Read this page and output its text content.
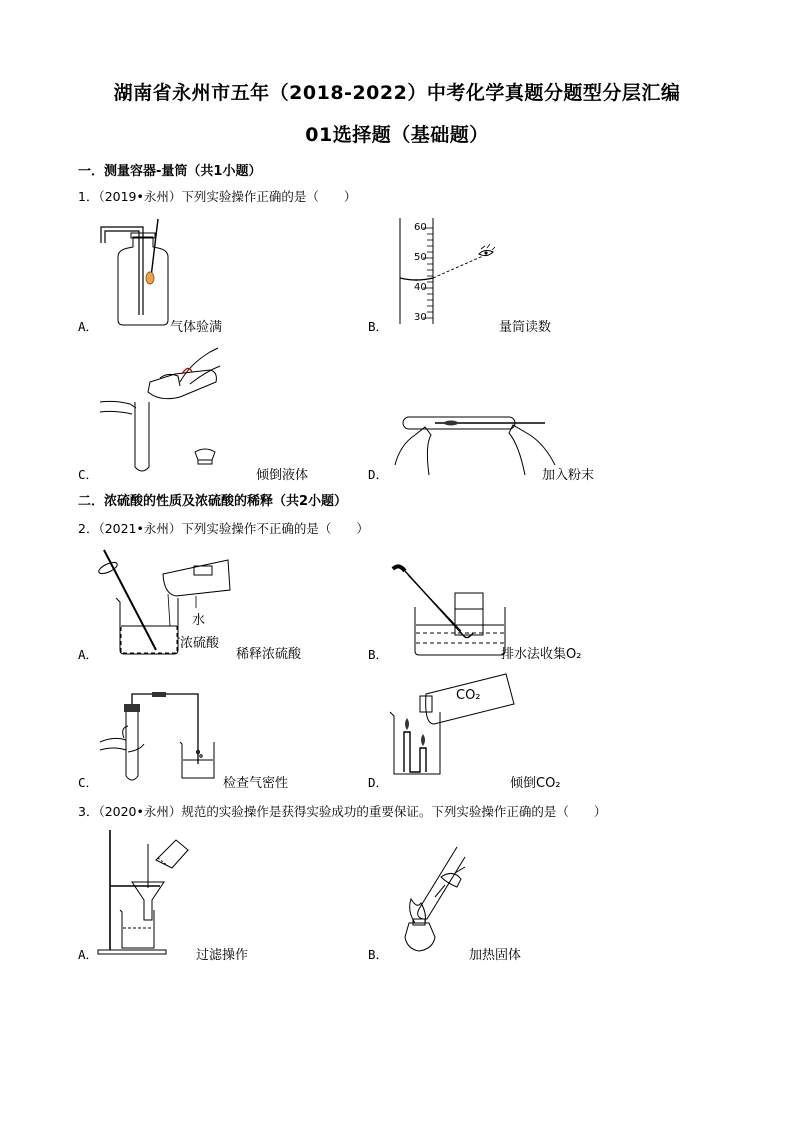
湖南省永州市五年（2018-2022）中考化学真题分题型分层汇编
01选择题（基础题）
一．测量容器-量筒（共1小题）
1．（2019•永州）下列实验操作正确的是（　　）
A．	气体验满	B．
60
50
40
30
量筒读数
C．	倾倒液体	D．	加入粉末
二．浓硫酸的性质及浓硫酸的稀释（共2小题）
2．（2021•永州）下列实验操作不正确的是（　　）
A．
水
浓硫酸
稀释浓硫酸	B．	排水法收集O₂
C．	检查气密性	D．
CO₂
倾倒CO₂
3．（2020•永州）规范的实验操作是获得实验成功的重要保证。下列实验操作正确的是（　　）
A．	过滤操作	B．	加热固体
